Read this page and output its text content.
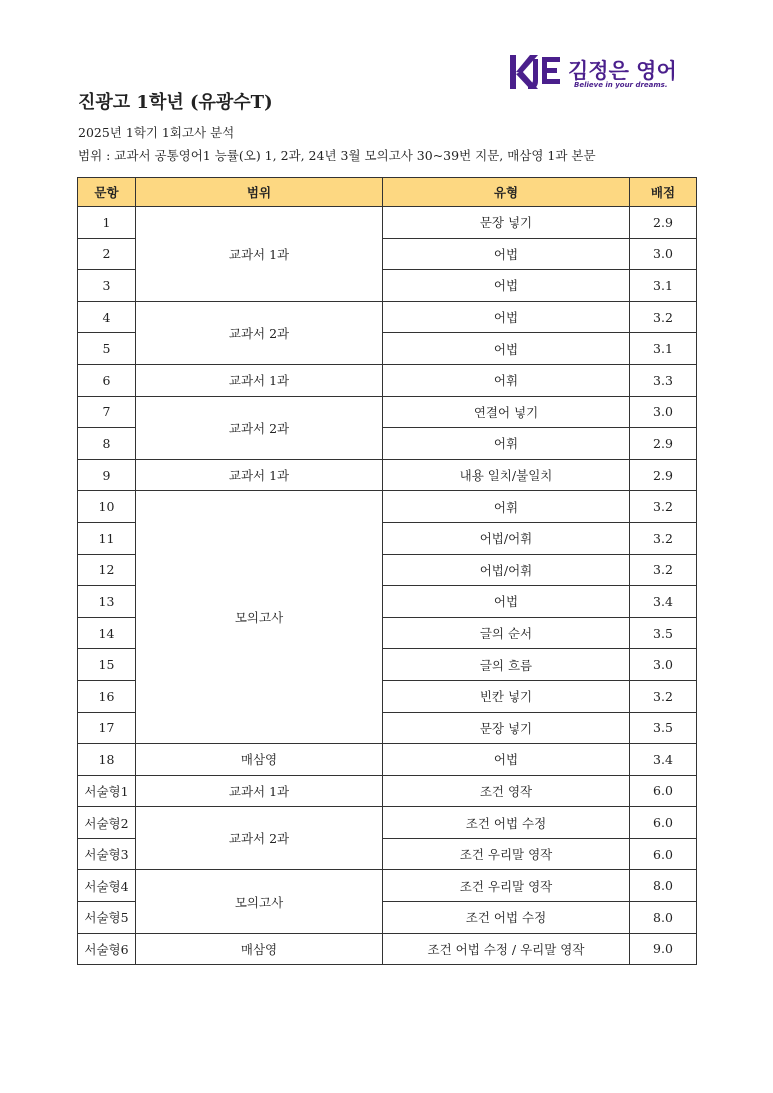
김정은 영어
Believe in your dreams.
진광고 1학년 (유광수T)
2025년 1학기 1회고사 분석
범위 : 교과서 공통영어1 능률(오) 1, 2과, 24년 3월 모의고사 30~39번 지문, 매삼영 1과 본문
문항	범위	유형	배점
1	교과서 1과	문장 넣기	2.9
2		어법	3.0
3		어법	3.1
4	교과서 2과	어법	3.2
5		어법	3.1
6	교과서 1과	어휘	3.3
7	교과서 2과	연결어 넣기	3.0
8		어휘	2.9
9	교과서 1과	내용 일치/불일치	2.9
10	모의고사	어휘	3.2
11		어법/어휘	3.2
12		어법/어휘	3.2
13		어법	3.4
14		글의 순서	3.5
15		글의 흐름	3.0
16		빈칸 넣기	3.2
17		문장 넣기	3.5
18	매삼영	어법	3.4
서술형1	교과서 1과	조건 영작	6.0
서술형2	교과서 2과	조건 어법 수정	6.0
서술형3		조건 우리말 영작	6.0
서술형4	모의고사	조건 우리말 영작	8.0
서술형5		조건 어법 수정	8.0
서술형6	매삼영	조건 어법 수정 / 우리말 영작	9.0
